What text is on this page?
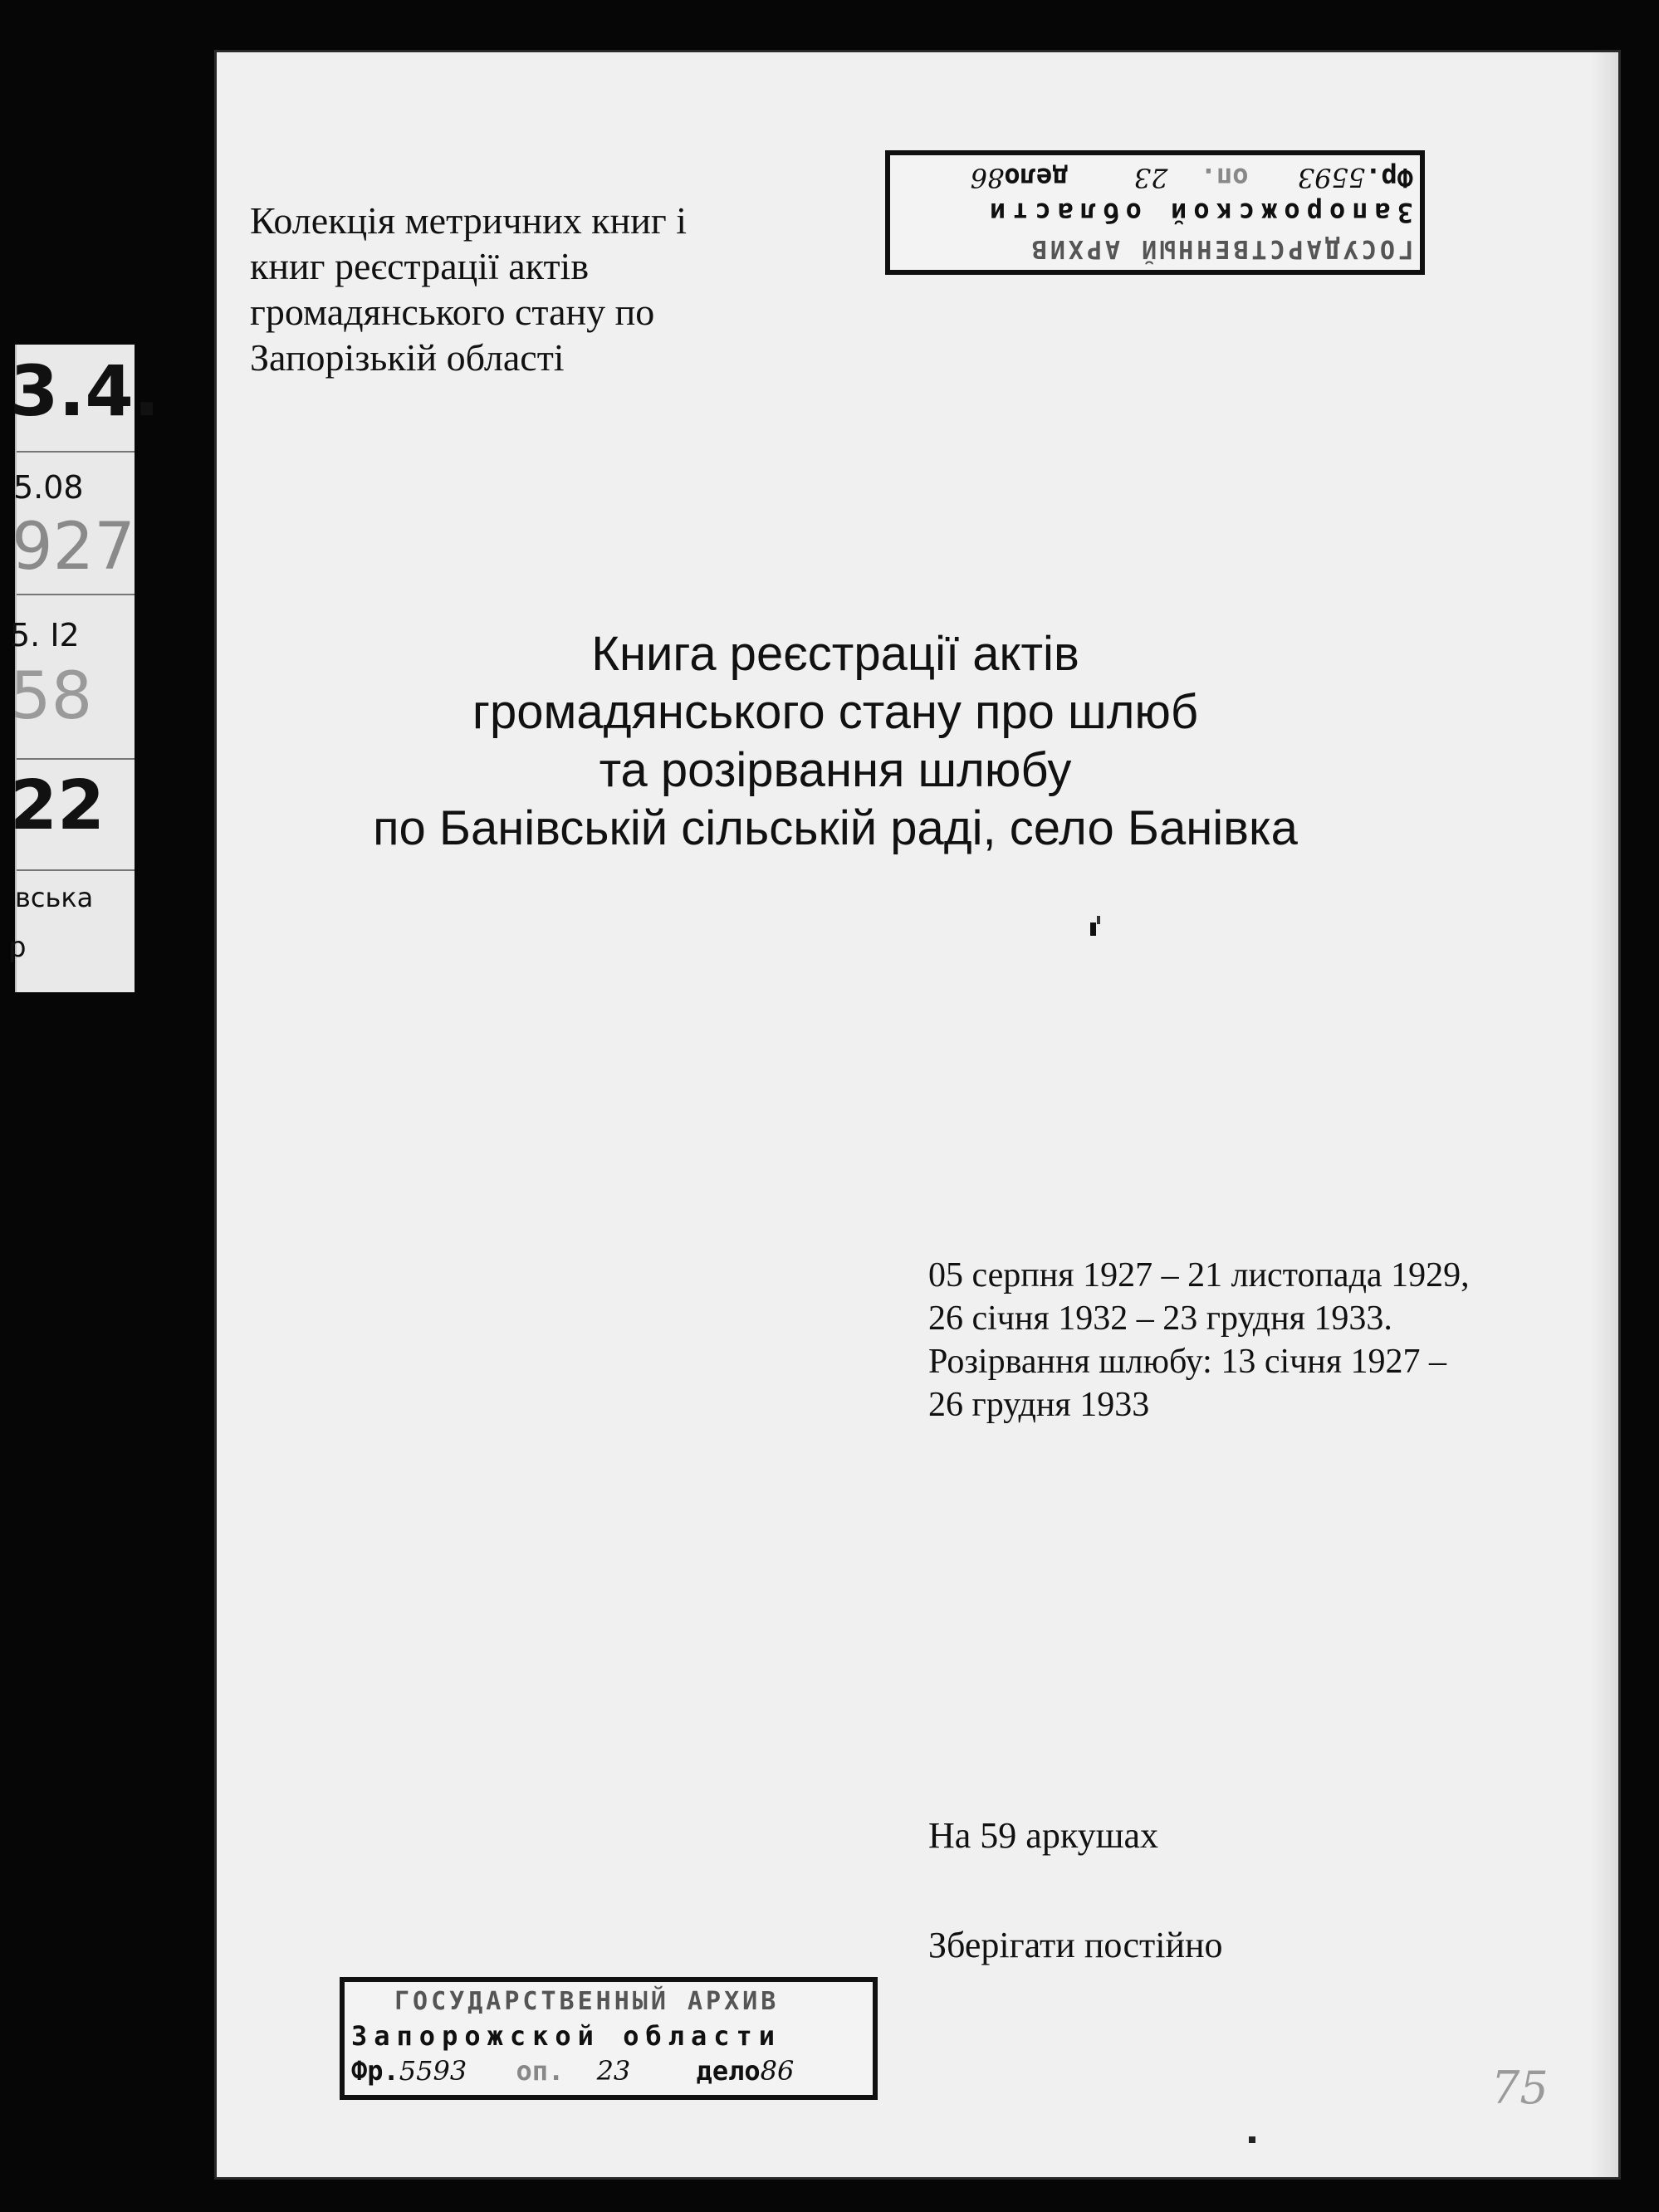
3.4.
5.08
927
5. I2
58
22
вська
р
ГОСУДАРСТВЕННЫЙ АРХИВ
Запорожской области
Фр.5593 оп. 23 дело86
Колекція метричних книг і
книг реєстрації актів
громадянського стану по
Запорізькій області
Книга реєстрації актів
громадянського стану про шлюб
та розірвання шлюбу
по Банівській сільській раді, село Банівка
05 серпня 1927 – 21 листопада 1929,
26 січня 1932 – 23 грудня 1933.
Розірвання шлюбу: 13 січня 1927 –
26 грудня 1933
На 59 аркушах
Зберігати постійно
ГОСУДАРСТВЕННЫЙ АРХИВ
Запорожской области
Фр.5593 оп. 23 дело86	75
